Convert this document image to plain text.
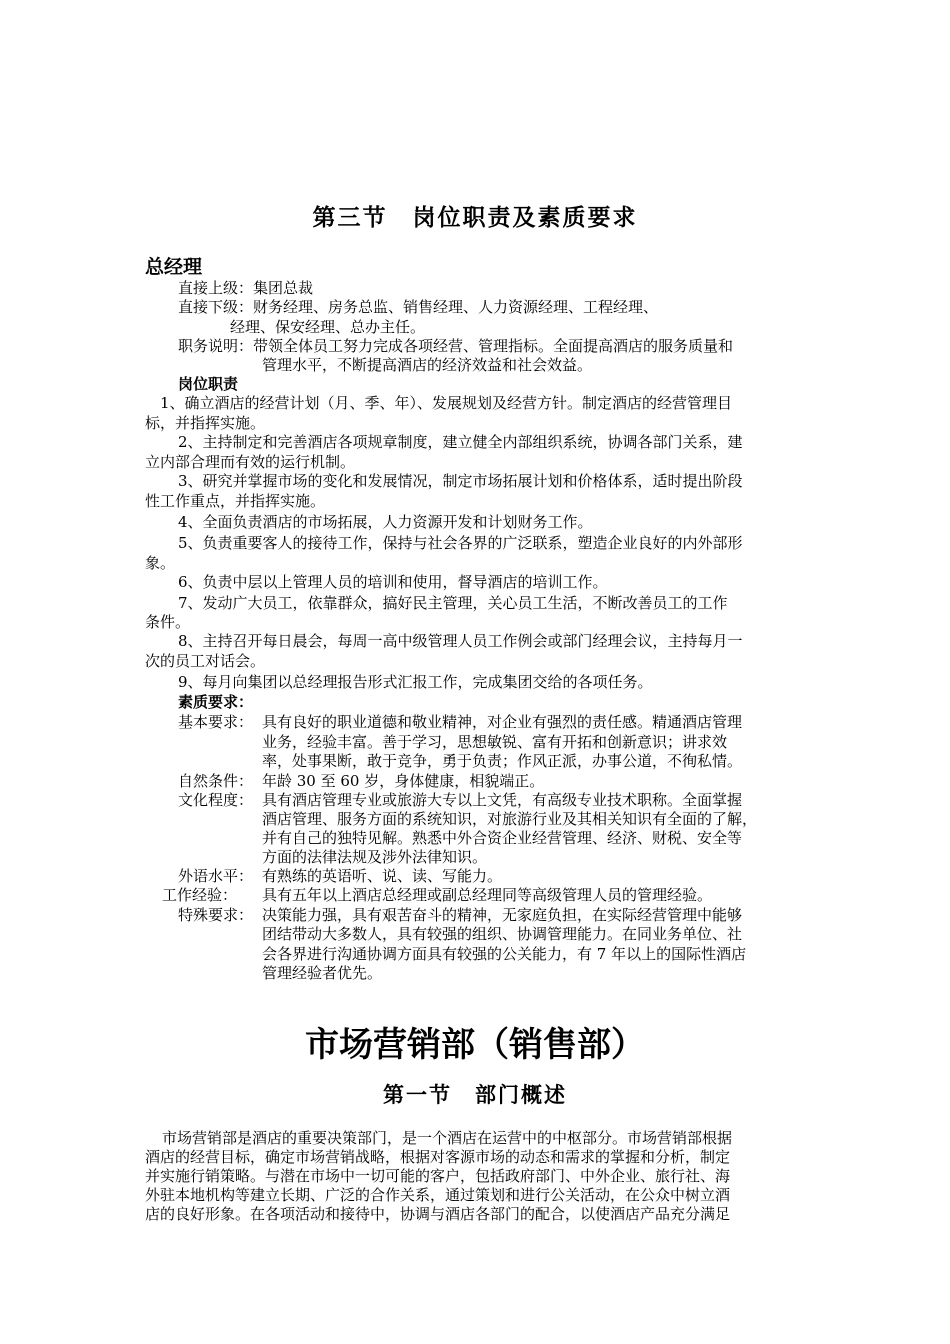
第三节　岗位职责及素质要求
总经理
直接上级：集团总裁
直接下级：财务经理、房务总监、销售经理、人力资源经理、工程经理、
经理、保安经理、总办主任。
职务说明：带领全体员工努力完成各项经营、管理指标。全面提高酒店的服务质量和
管理水平，不断提高酒店的经济效益和社会效益。
岗位职责
1、确立酒店的经营计划（月、季、年）、发展规划及经营方针。制定酒店的经营管理目
标，并指挥实施。
2、主持制定和完善酒店各项规章制度，建立健全内部组织系统，协调各部门关系，建
立内部合理而有效的运行机制。
3、研究并掌握市场的变化和发展情况，制定市场拓展计划和价格体系，适时提出阶段
性工作重点，并指挥实施。
4、全面负责酒店的市场拓展，人力资源开发和计划财务工作。
5、负责重要客人的接待工作，保持与社会各界的广泛联系，塑造企业良好的内外部形
象。
6、负责中层以上管理人员的培训和使用，督导酒店的培训工作。
7、发动广大员工，依靠群众，搞好民主管理，关心员工生活，不断改善员工的工作
条件。
8、主持召开每日晨会，每周一高中级管理人员工作例会或部门经理会议，主持每月一
次的员工对话会。
9、每月向集团以总经理报告形式汇报工作，完成集团交给的各项任务。
素质要求：
基本要求： 具有良好的职业道德和敬业精神，对企业有强烈的责任感。精通酒店管理
业务，经验丰富。善于学习，思想敏锐、富有开拓和创新意识；讲求效
率，处事果断，敢于竞争，勇于负责；作风正派，办事公道，不徇私情。
自然条件： 年龄 30 至 60 岁，身体健康，相貌端正。
文化程度： 具有酒店管理专业或旅游大专以上文凭，有高级专业技术职称。全面掌握
酒店管理、服务方面的系统知识，对旅游行业及其相关知识有全面的了解，
并有自己的独特见解。熟悉中外合资企业经营管理、经济、财税、安全等
方面的法律法规及涉外法律知识。
外语水平： 有熟练的英语听、说、读、写能力。
工作经验： 具有五年以上酒店总经理或副总经理同等高级管理人员的管理经验。
特殊要求： 决策能力强，具有艰苦奋斗的精神，无家庭负担，在实际经营管理中能够
团结带动大多数人，具有较强的组织、协调管理能力。在同业务单位、社
会各界进行沟通协调方面具有较强的公关能力，有 7 年以上的国际性酒店
管理经验者优先。
市场营销部（销售部）
第一节　部门概述
市场营销部是酒店的重要决策部门，是一个酒店在运营中的中枢部分。市场营销部根据
酒店的经营目标，确定市场营销战略，根据对客源市场的动态和需求的掌握和分析，制定
并实施行销策略。与潜在市场中一切可能的客户，包括政府部门、中外企业、旅行社、海
外驻本地机构等建立长期、广泛的合作关系，通过策划和进行公关活动，在公众中树立酒
店的良好形象。在各项活动和接待中，协调与酒店各部门的配合，以使酒店产品充分满足
